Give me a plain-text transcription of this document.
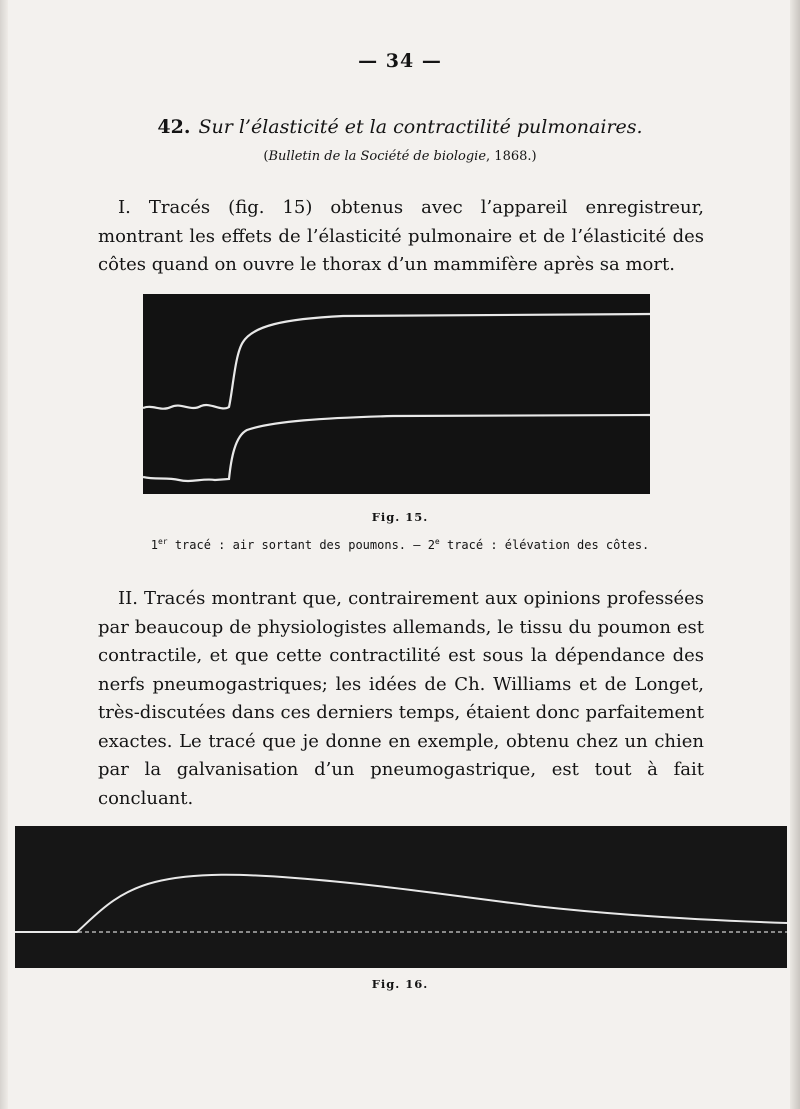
— 34 —
42. Sur l’élasticité et la contractilité pulmonaires.
(Bulletin de la Société de biologie, 1868.)

I. Tracés (fig. 15) obtenus avec l’appareil enregistreur, montrant les effets de l’élasticité pulmonaire et de l’élasticité des côtes quand on ouvre le thorax d’un mammifère après sa mort.

Fig. 15.
1er tracé : air sortant des poumons. — 2e tracé : élévation des côtes.

II. Tracés montrant que, contrairement aux opinions professées par beaucoup de physiologistes allemands, le tissu du poumon est contractile, et que cette contractilité est sous la dépendance des nerfs pneumogastriques; les idées de Ch. Williams et de Longet, très-discutées dans ces derniers temps, étaient donc parfaitement exactes. Le tracé que je donne en exemple, obtenu chez un chien par la galvanisation d’un pneumogastrique, est tout à fait concluant.

Fig. 16.
